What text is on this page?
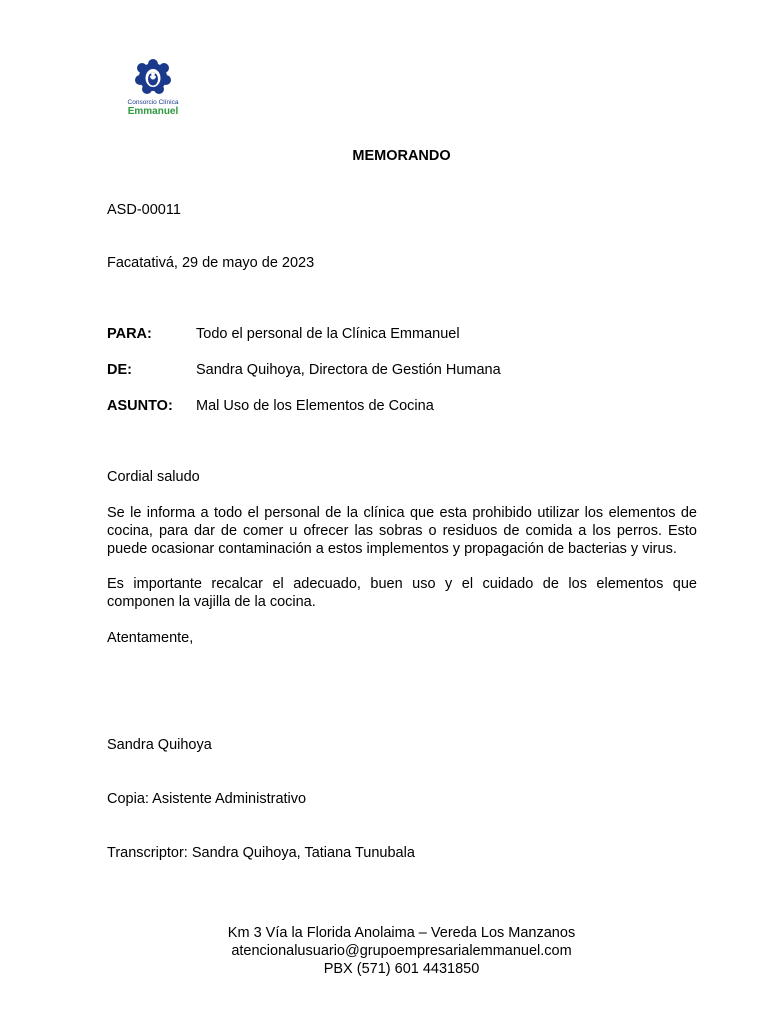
Consorcio Clínica
Emmanuel
MEMORANDO
ASD-00011
Facatativá, 29 de mayo de 2023
PARA:	Todo el personal de la Clínica Emmanuel
DE:	Sandra Quihoya, Directora de Gestión Humana
ASUNTO: Mal Uso de los Elementos de Cocina
Cordial saludo
Se le informa a todo el personal de la clínica que esta prohibido utilizar los elementos de cocina, para dar de comer u ofrecer las sobras o residuos de comida a los perros. Esto puede ocasionar contaminación a estos implementos y propagación de bacterias y virus.
Es importante recalcar el adecuado, buen uso y el cuidado de los elementos que componen la vajilla de la cocina.
Atentamente,
Sandra Quihoya
Copia: Asistente Administrativo
Transcriptor: Sandra Quihoya, Tatiana Tunubala
Km 3 Vía la Florida Anolaima – Vereda Los Manzanos
atencionalusuario@grupoempresarialemmanuel.com
PBX (571) 601 4431850
